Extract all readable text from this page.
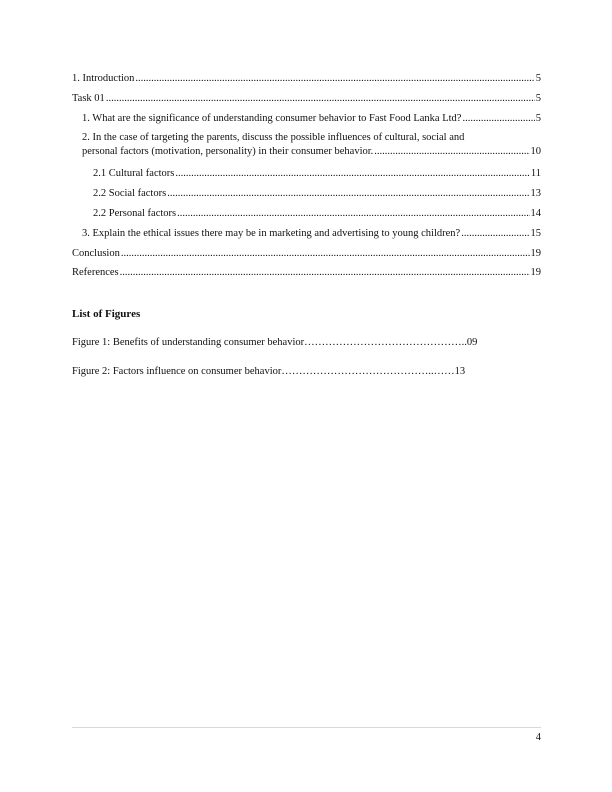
1. Introduction .....	5
Task 01 .....	5
1. What are the significance of understanding consumer behavior to Fast Food Lanka Ltd? .....	5
2. In the case of targeting the parents, discuss the possible influences of cultural, social and
personal factors (motivation, personality) in their consumer behavior. .....	10
2.1 Cultural factors .....	11
2.2 Social factors .....	13
2.2 Personal factors .....	14
3. Explain the ethical issues there may be in marketing and advertising to young children? .....	15
Conclusion .....	19
References .....	19
List of Figures
Figure 1: Benefits of understanding consumer behavior………………………………………..09
Figure 2: Factors influence on consumer behavior……………………………………..……13
4
